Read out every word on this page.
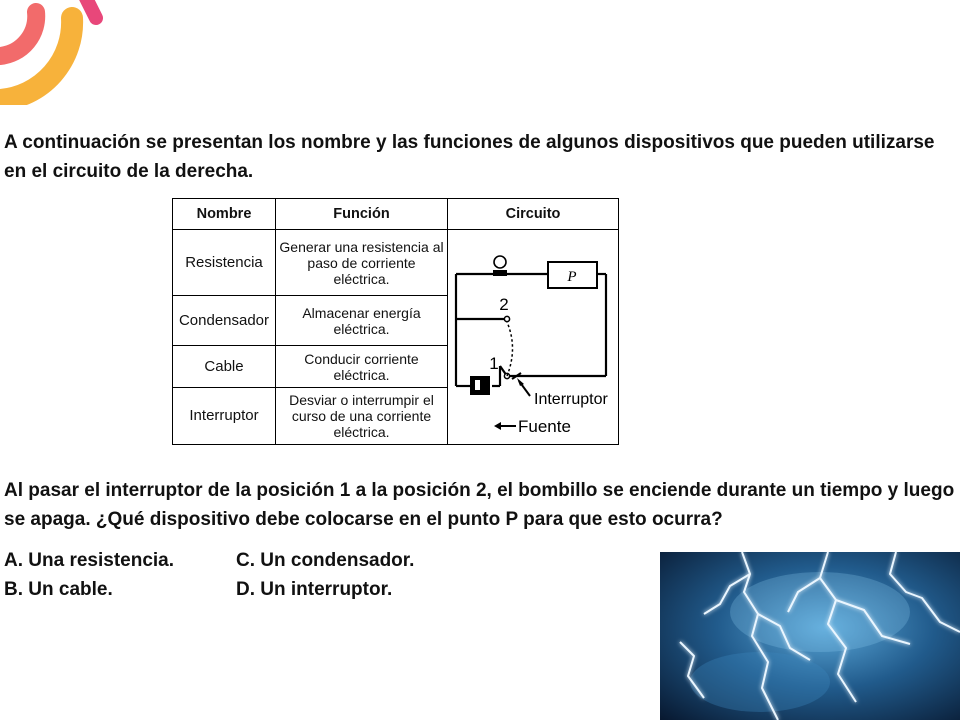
A continuación se presentan los nombre y las funciones de algunos dispositivos que pueden utilizarse en el circuito de la derecha.

Nombre	Función	Circuito
Resistencia	Generar una resistencia al paso de corriente eléctrica.	P
2
1
Interruptor
Fuente

Condensador	Almacenar energía eléctrica.	
Cable	Conducir corriente eléctrica.	
Interruptor	Desviar o interrumpir el curso de una corriente eléctrica.	

Al pasar el interruptor de la posición 1 a la posición 2, el bombillo se enciende durante un tiempo y luego se apaga. ¿Qué dispositivo debe colocarse en el punto P para que esto ocurra?

A. Una resistencia.
B. Un cable.
C. Un condensador.
D. Un interruptor.
